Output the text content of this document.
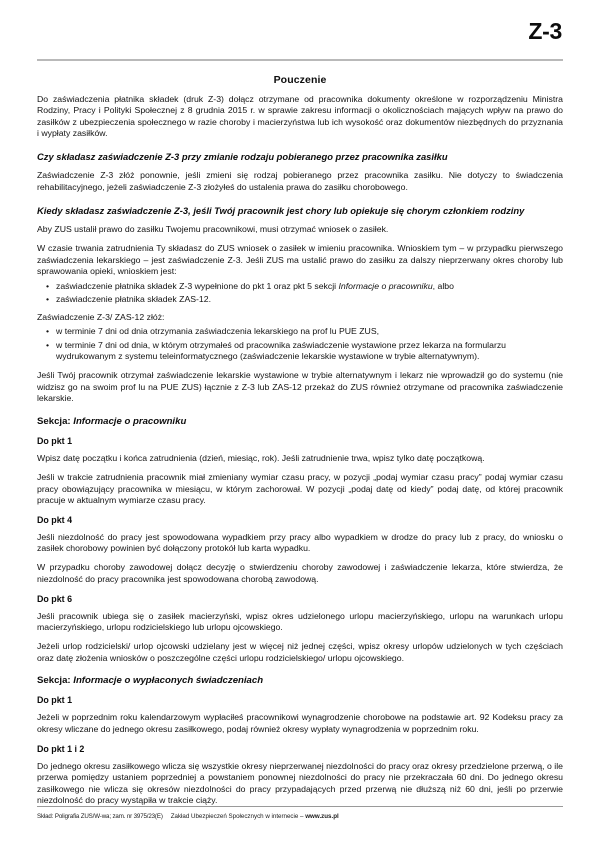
Z-3
Pouczenie

Do zaświadczenia płatnika składek (druk Z-3) dołącz otrzymane od pracownika dokumenty określone w rozporządzeniu Ministra Rodziny, Pracy i Polityki Społecznej z 8 grudnia 2015 r. w sprawie zakresu informacji o okolicznościach mających wpływ na prawo do zasiłków z ubezpieczenia społecznego w razie choroby i macierzyństwa lub ich wysokość oraz dokumentów niezbędnych do przyznania i wypłaty zasiłków.

Czy składasz zaświadczenie Z-3 przy zmianie rodzaju pobieranego przez pracownika zasiłku

Zaświadczenie Z-3 złóż ponownie, jeśli zmieni się rodzaj pobieranego przez pracownika zasiłku. Nie dotyczy to świadczenia rehabilitacyjnego, jeżeli zaświadczenie Z-3 złożyłeś do ustalenia prawa do zasiłku chorobowego.

Kiedy składasz zaświadczenie Z-3, jeśli Twój pracownik jest chory lub opiekuje się chorym członkiem rodziny

Aby ZUS ustalił prawo do zasiłku Twojemu pracownikowi, musi otrzymać wniosek o zasiłek.

W czasie trwania zatrudnienia Ty składasz do ZUS wniosek o zasiłek w imieniu pracownika. Wnioskiem tym – w przypadku pierwszego zaświadczenia lekarskiego – jest zaświadczenie Z-3. Jeśli ZUS ma ustalić prawo do zasiłku za dalszy nieprzerwany okres choroby lub sprawowania opieki, wnioskiem jest:

• zaświadczenie płatnika składek Z-3 wypełnione do pkt 1 oraz pkt 5 sekcji Informacje o pracowniku, albo
• zaświadczenie płatnika składek ZAS-12.

Zaświadczenie Z-3/ ZAS-12 złóż:

• w terminie 7 dni od dnia otrzymania zaświadczenia lekarskiego na prof lu PUE ZUS,
• w terminie 7 dni od dnia, w którym otrzymałeś od pracownika zaświadczenie wystawione przez lekarza na formularzu wydrukowanym z systemu teleinformatycznego (zaświadczenie lekarskie wystawione w trybie alternatywnym).

Jeśli Twój pracownik otrzymał zaświadczenie lekarskie wystawione w trybie alternatywnym i lekarz nie wprowadził go do systemu (nie widzisz go na swoim prof lu na PUE ZUS) łącznie z Z-3 lub ZAS-12 przekaż do ZUS również otrzymane od pracownika zaświadczenie lekarskie.

Sekcja: Informacje o pracowniku
Do pkt 1

Wpisz datę początku i końca zatrudnienia (dzień, miesiąc, rok). Jeśli zatrudnienie trwa, wpisz tylko datę początkową.

Jeśli w trakcie zatrudnienia pracownik miał zmieniany wymiar czasu pracy, w pozycji „podaj wymiar czasu pracy” podaj wymiar czasu pracy obowiązujący pracownika w miesiącu, w którym zachorował. W pozycji „podaj datę od kiedy” podaj datę, od której pracownik pracuje w aktualnym wymiarze czasu pracy.

Do pkt 4

Jeśli niezdolność do pracy jest spowodowana wypadkiem przy pracy albo wypadkiem w drodze do pracy lub z pracy, do wniosku o zasiłek chorobowy powinien być dołączony protokół lub karta wypadku.

W przypadku choroby zawodowej dołącz decyzję o stwierdzeniu choroby zawodowej i zaświadczenie lekarza, które stwierdza, że niezdolność do pracy pracownika jest spowodowana chorobą zawodową.

Do pkt 6

Jeśli pracownik ubiega się o zasiłek macierzyński, wpisz okres udzielonego urlopu macierzyńskiego, urlopu na warunkach urlopu macierzyńskiego, urlopu rodzicielskiego lub urlopu ojcowskiego.

Jeżeli urlop rodzicielski/ urlop ojcowski udzielany jest w więcej niż jednej części, wpisz okresy urlopów udzielonych w tych częściach oraz datę złożenia wniosków o poszczególne części urlopu rodzicielskiego/ urlopu ojcowskiego.

Sekcja: Informacje o wypłaconych świadczeniach
Do pkt 1

Jeżeli w poprzednim roku kalendarzowym wypłaciłeś pracownikowi wynagrodzenie chorobowe na podstawie art. 92 Kodeksu pracy za okresy wliczane do jednego okresu zasiłkowego, podaj również okresy wypłaty wynagrodzenia w poprzednim roku.

Do pkt 1 i 2

Do jednego okresu zasiłkowego wlicza się wszystkie okresy nieprzerwanej niezdolności do pracy oraz okresy przedzielone przerwą, o ile przerwa pomiędzy ustaniem poprzedniej a powstaniem ponownej niezdolności do pracy nie przekraczała 60 dni. Do jednego okresu zasiłkowego nie wlicza się okresów niezdolności do pracy przypadających przed przerwą nie dłuższą niż 60 dni, jeśli po przerwie niezdolność do pracy wystąpiła w trakcie ciąży.

Skład: Poligrafia ZUS/W-wa; zam. nr 3975/23(E) Zakład Ubezpieczeń Społecznych w internecie – www.zus.pl
